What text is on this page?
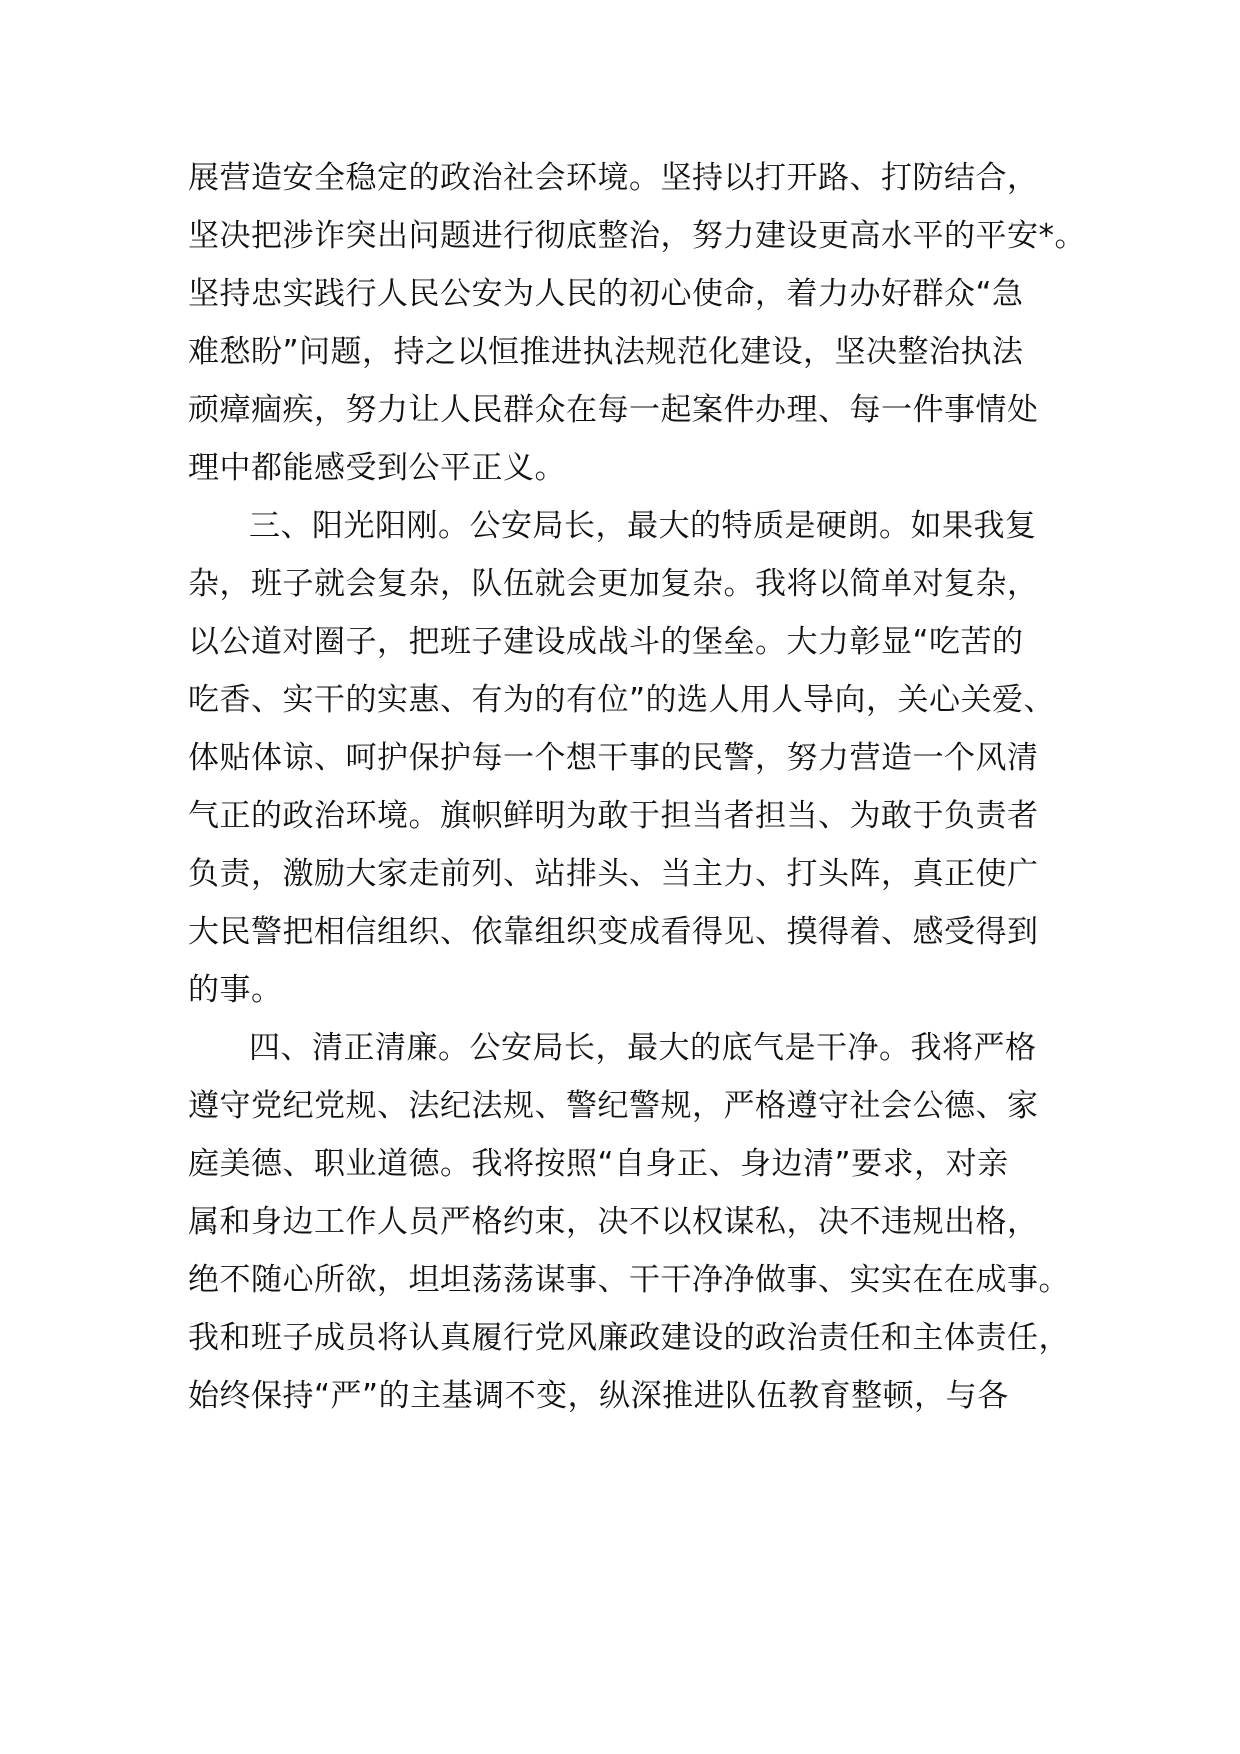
展营造安全稳定的政治社会环境。坚持以打开路、打防结合，
坚决把涉诈突出问题进行彻底整治，努力建设更高水平的平安*。
坚持忠实践行人民公安为人民的初心使命，着力办好群众“急
难愁盼”问题，持之以恒推进执法规范化建设，坚决整治执法
顽瘴痼疾，努力让人民群众在每一起案件办理、每一件事情处
理中都能感受到公平正义。
三、阳光阳刚。公安局长，最大的特质是硬朗。如果我复
杂，班子就会复杂，队伍就会更加复杂。我将以简单对复杂，
以公道对圈子，把班子建设成战斗的堡垒。大力彰显“吃苦的
吃香、实干的实惠、有为的有位”的选人用人导向，关心关爱、
体贴体谅、呵护保护每一个想干事的民警，努力营造一个风清
气正的政治环境。旗帜鲜明为敢于担当者担当、为敢于负责者
负责，激励大家走前列、站排头、当主力、打头阵，真正使广
大民警把相信组织、依靠组织变成看得见、摸得着、感受得到
的事。
四、清正清廉。公安局长，最大的底气是干净。我将严格
遵守党纪党规、法纪法规、警纪警规，严格遵守社会公德、家
庭美德、职业道德。我将按照“自身正、身边清”要求，对亲
属和身边工作人员严格约束，决不以权谋私，决不违规出格，
绝不随心所欲，坦坦荡荡谋事、干干净净做事、实实在在成事。
我和班子成员将认真履行党风廉政建设的政治责任和主体责任，
始终保持“严”的主基调不变，纵深推进队伍教育整顿，与各
